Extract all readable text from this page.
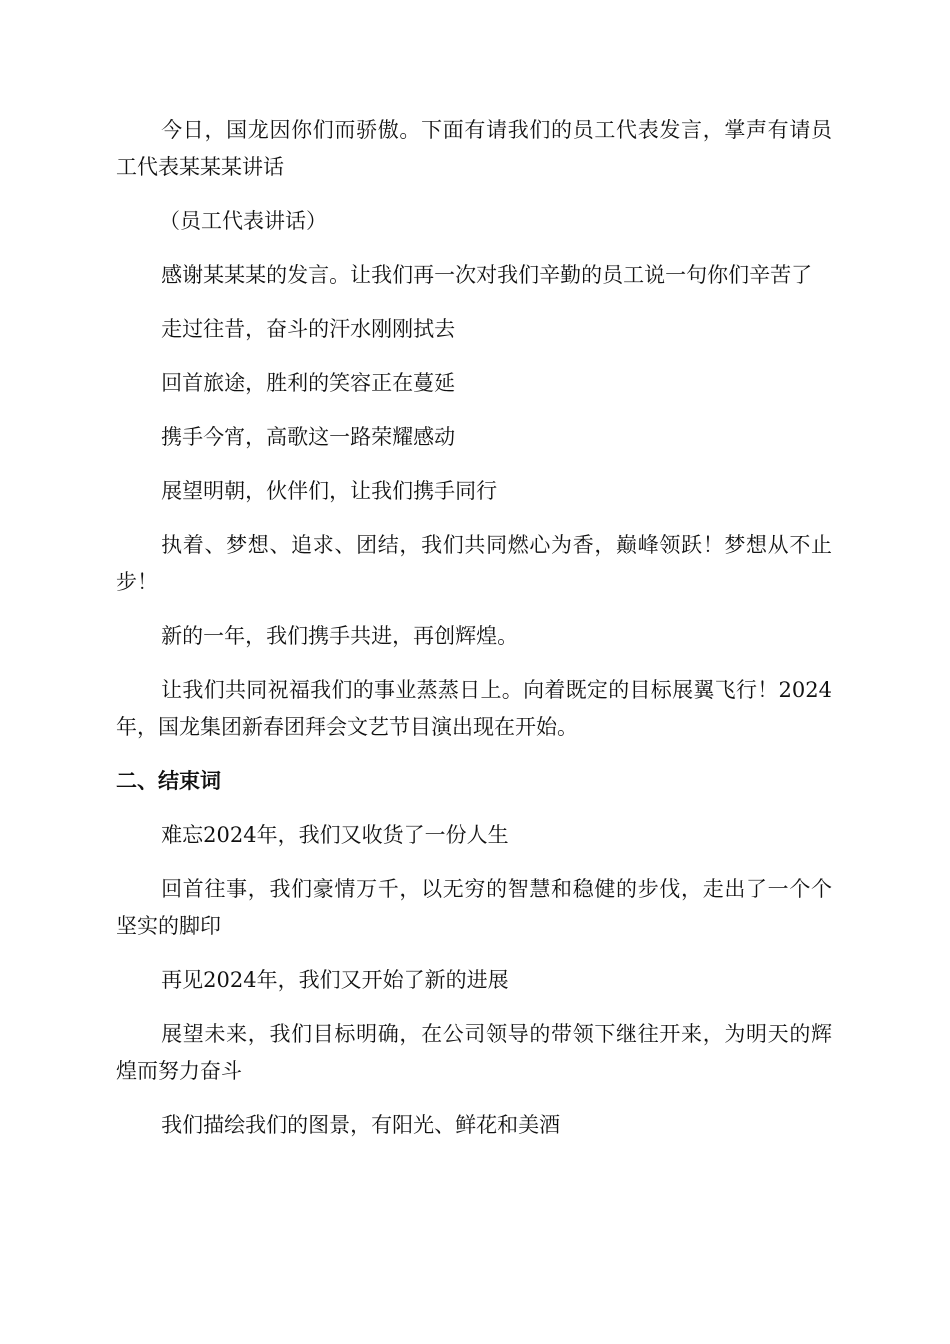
今日，国龙因你们而骄傲。下面有请我们的员工代表发言，掌声有请员工代表某某某讲话

（员工代表讲话）

感谢某某某的发言。让我们再一次对我们辛勤的员工说一句你们辛苦了

走过往昔，奋斗的汗水刚刚拭去

回首旅途，胜利的笑容正在蔓延

携手今宵，高歌这一路荣耀感动

展望明朝，伙伴们，让我们携手同行

执着、梦想、追求、团结，我们共同燃心为香，巅峰领跃！梦想从不止步！

新的一年，我们携手共进，再创辉煌。

让我们共同祝福我们的事业蒸蒸日上。向着既定的目标展翼飞行！2024年，国龙集团新春团拜会文艺节目演出现在开始。

二、结束词

难忘2024年，我们又收货了一份人生

回首往事，我们豪情万千，以无穷的智慧和稳健的步伐，走出了一个个坚实的脚印

再见2024年，我们又开始了新的进展

展望未来，我们目标明确，在公司领导的带领下继往开来，为明天的辉煌而努力奋斗

我们描绘我们的图景，有阳光、鲜花和美酒
